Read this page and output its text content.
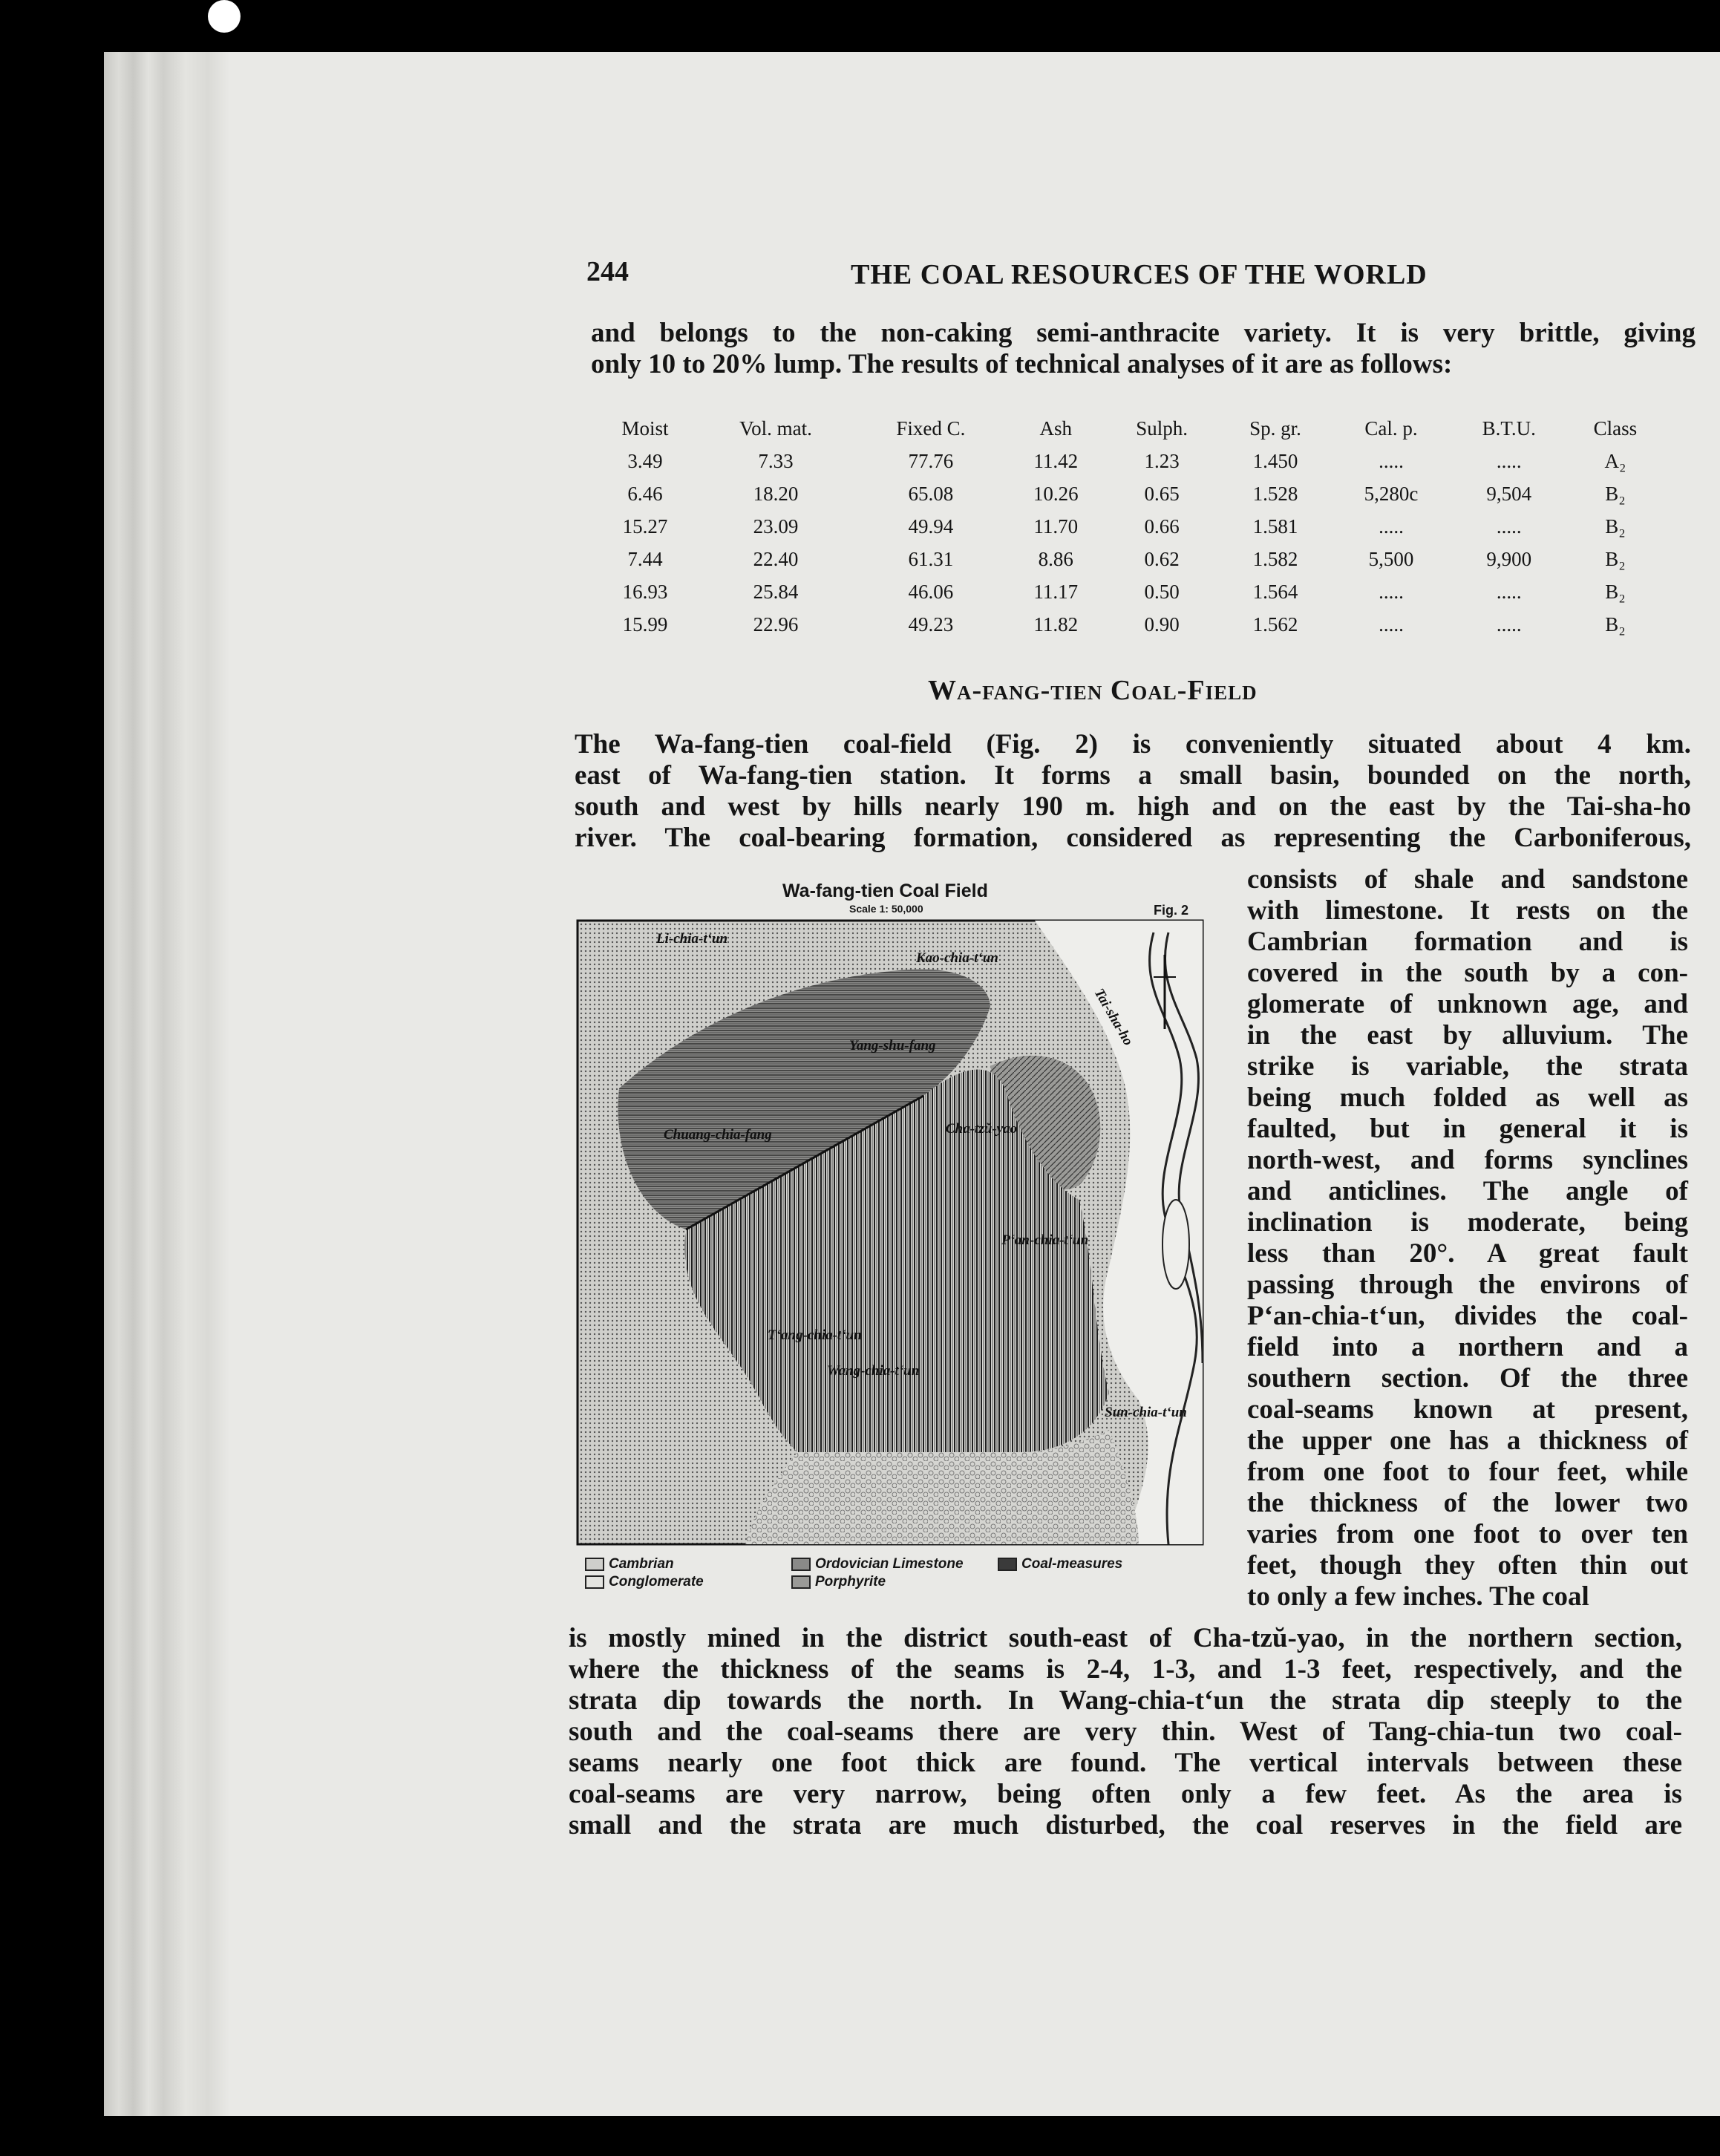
244	THE COAL RESOURCES OF THE WORLD
and belongs to the non-caking semi-anthracite variety. It is very brittle, giving
only 10 to 20% lump. The results of technical analyses of it are as follows:
Moist	Vol. mat.	Fixed C.	Ash	Sulph.	Sp. gr.	Cal. p.	B.T.U.	Class
3.49	7.33	77.76	11.42	1.23	1.450	.....	.....	A₂
6.46	18.20	65.08	10.26	0.65	1.528	5,280c	9,504	B₂
15.27	23.09	49.94	11.70	0.66	1.581	.....	.....	B₂
7.44	22.40	61.31	8.86	0.62	1.582	5,500	9,900	B₂
16.93	25.84	46.06	11.17	0.50	1.564	.....	.....	B₂
15.99	22.96	49.23	11.82	0.90	1.562	.....	.....	B₂
Wa-fang-tien Coal-Field
The Wa-fang-tien coal-field (Fig. 2) is conveniently situated about 4 km.
east of Wa-fang-tien station. It forms a small basin, bounded on the north,
south and west by hills nearly 190 m. high and on the east by the Tai-sha-ho
river. The coal-bearing formation, considered as representing the Carboniferous,
Wa-fang-tien Coal Field
Scale 1: 50,000	Fig. 2
Li-chia-t‘un
Kao-chia-t‘un
Yang-shu-fang
Chuang-chia-fang	Cha-tzŭ-yao
P‘an-chia-t‘un
T‘ang-chia-t‘un
Wang-chia-t‘un
Sun-chia-t‘un
Tai-sha-ho
Cambrian
Conglomerate
Ordovician Limestone
Porphyrite
Coal-measures
consists of shale and sandstone
with limestone. It rests on the
Cambrian formation and is
covered in the south by a con-
glomerate of unknown age, and
in the east by alluvium. The
strike is variable, the strata
being much folded as well as
faulted, but in general it is
north-west, and forms synclines
and anticlines. The angle of
inclination is moderate, being
less than 20°. A great fault
passing through the environs of
P‘an-chia-t‘un, divides the coal-
field into a northern and a
southern section. Of the three
coal-seams known at present,
the upper one has a thickness of
from one foot to four feet, while
the thickness of the lower two
varies from one foot to over ten
feet, though they often thin out
to only a few inches. The coal
is mostly mined in the district south-east of Cha-tzŭ-yao, in the northern section,
where the thickness of the seams is 2-4, 1-3, and 1-3 feet, respectively, and the
strata dip towards the north. In Wang-chia-t‘un the strata dip steeply to the
south and the coal-seams there are very thin. West of Tang-chia-tun two coal-
seams nearly one foot thick are found. The vertical intervals between these
coal-seams are very narrow, being often only a few feet. As the area is
small and the strata are much disturbed, the coal reserves in the field are
